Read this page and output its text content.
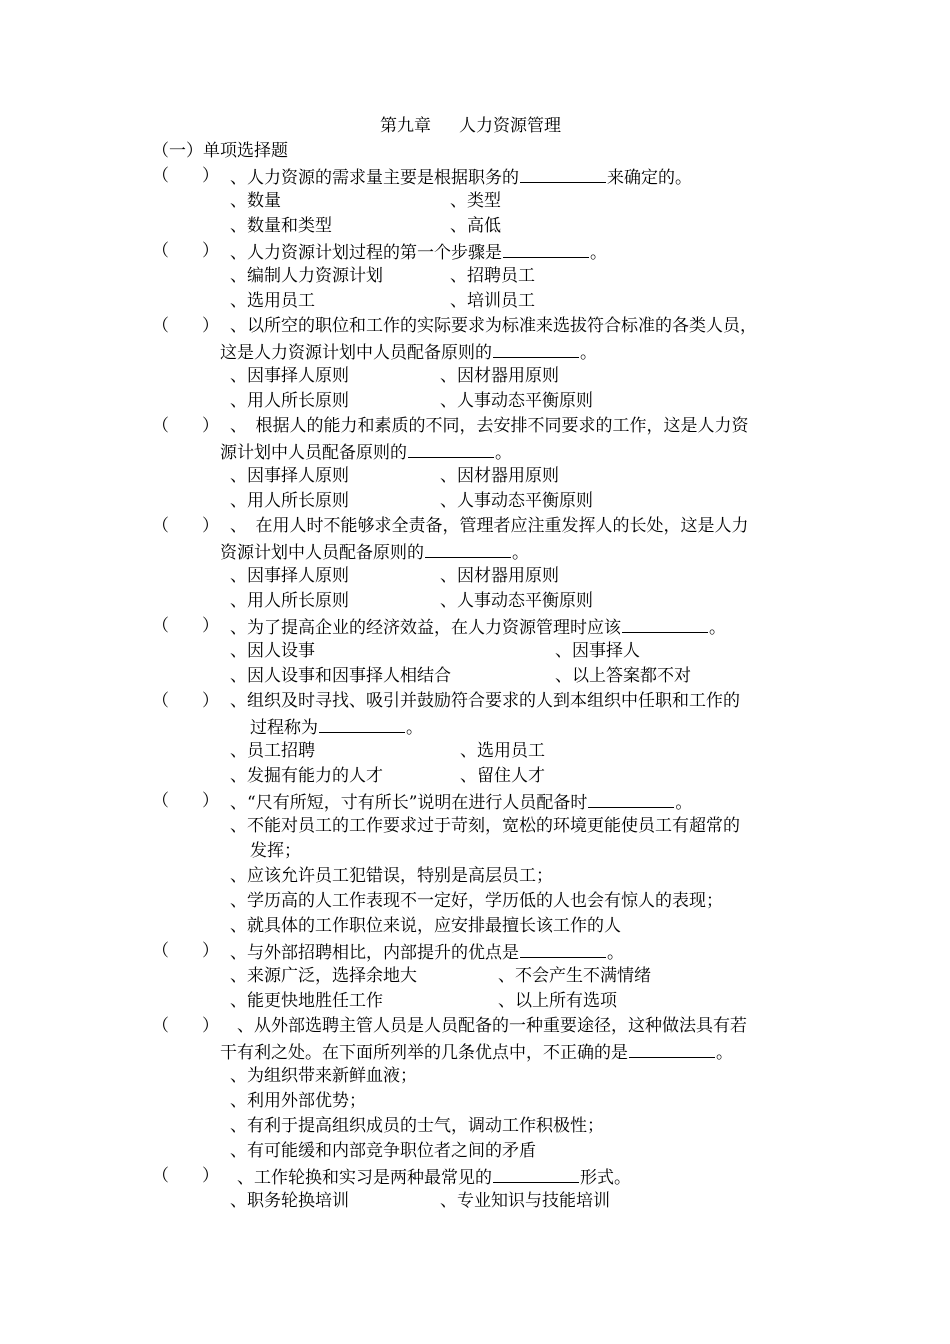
第九章 人力资源管理
（一）单项选择题
（ ） 、人力资源的需求量主要是根据职务的	来确定的。
、数量	、类型
、数量和类型	、高低
（ ） 、人力资源计划过程的第一个步骤是	。
、编制人力资源计划	、招聘员工
、选用员工	、培训员工
（ ） 、以所空的职位和工作的实际要求为标准来选拔符合标准的各类人员，
这是人力资源计划中人员配备原则的	。
、因事择人原则	、因材器用原则
、用人所长原则	、人事动态平衡原则
（ ） 、　根据人的能力和素质的不同，去安排不同要求的工作，这是人力资
源计划中人员配备原则的	。
、因事择人原则	、因材器用原则
、用人所长原则	、人事动态平衡原则
（ ） 、　在用人时不能够求全责备，管理者应注重发挥人的长处，这是人力
资源计划中人员配备原则的	。
、因事择人原则	、因材器用原则
、用人所长原则	、人事动态平衡原则
（ ） 、为了提高企业的经济效益，在人力资源管理时应该	。
、因人设事	、因事择人
、因人设事和因事择人相结合	、以上答案都不对
（ ） 、组织及时寻找、吸引并鼓励符合要求的人到本组织中任职和工作的
过程称为	。
、员工招聘	、选用员工
、发掘有能力的人才	、留住人才
（ ） 、“尺有所短，寸有所长”说明在进行人员配备时	。
、不能对员工的工作要求过于苛刻，宽松的环境更能使员工有超常的
发挥；
、应该允许员工犯错误，特别是高层员工；
、学历高的人工作表现不一定好，学历低的人也会有惊人的表现；
、就具体的工作职位来说，应安排最擅长该工作的人
（ ） 、与外部招聘相比，内部提升的优点是	。
、来源广泛，选择余地大	、不会产生不满情绪
、能更快地胜任工作	、以上所有选项
（ ） 　、从外部选聘主管人员是人员配备的一种重要途径，这种做法具有若
干有利之处。在下面所列举的几条优点中，不正确的是	。
、为组织带来新鲜血液；
、利用外部优势；
、有利于提高组织成员的士气，调动工作积极性；
、有可能缓和内部竞争职位者之间的矛盾
（ ） 　、工作轮换和实习是两种最常见的	形式。
、职务轮换培训	、专业知识与技能培训
